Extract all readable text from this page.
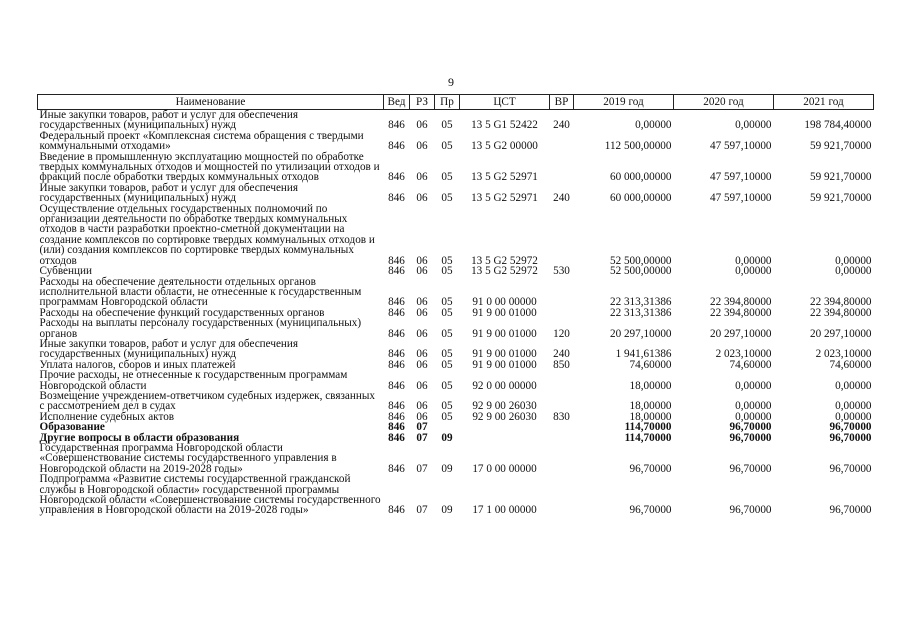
9
Наименование	Вед	РЗ	Пр	ЦСТ	ВР	2019 год	2020 год	2021 год
Иные закупки товаров, работ и услуг для обеспечения государственных (муниципальных) нужд	846	06	05	13 5 G1 52422	240	0,00000	0,00000	198 784,40000
Федеральный проект «Комплексная система обращения с твердыми коммунальными отходами»	846	06	05	13 5 G2 00000		112 500,00000	47 597,10000	59 921,70000
Введение в промышленную эксплуатацию мощностей по обработке твердых коммунальных отходов и мощностей по утилизации отходов и фракций после обработки твердых коммунальных отходов	846	06	05	13 5 G2 52971		60 000,00000	47 597,10000	59 921,70000
Иные закупки товаров, работ и услуг для обеспечения государственных (муниципальных) нужд	846	06	05	13 5 G2 52971	240	60 000,00000	47 597,10000	59 921,70000
Осуществление отдельных государственных полномочий по организации деятельности по обработке твердых коммунальных отходов в части разработки проектно-сметной документации на создание комплексов по сортировке твердых коммунальных отходов и (или) создания комплексов по сортировке твердых коммунальных отходов	846	06	05	13 5 G2 52972		52 500,00000	0,00000	0,00000
Субвенции	846	06	05	13 5 G2 52972	530	52 500,00000	0,00000	0,00000
Расходы на обеспечение деятельности отдельных органов исполнительной власти области, не отнесенные к государственным программам Новгородской области	846	06	05	91 0 00 00000		22 313,31386	22 394,80000	22 394,80000
Расходы на обеспечение функций государственных органов	846	06	05	91 9 00 01000		22 313,31386	22 394,80000	22 394,80000
Расходы на выплаты персоналу государственных (муниципальных) органов	846	06	05	91 9 00 01000	120	20 297,10000	20 297,10000	20 297,10000
Иные закупки товаров, работ и услуг для обеспечения государственных (муниципальных) нужд	846	06	05	91 9 00 01000	240	1 941,61386	2 023,10000	2 023,10000
Уплата налогов, сборов и иных платежей	846	06	05	91 9 00 01000	850	74,60000	74,60000	74,60000
Прочие расходы, не отнесенные к государственным программам Новгородской области	846	06	05	92 0 00 00000		18,00000	0,00000	0,00000
Возмещение учреждением-ответчиком судебных издержек, связанных с рассмотрением дел в судах	846	06	05	92 9 00 26030		18,00000	0,00000	0,00000
Исполнение судебных актов	846	06	05	92 9 00 26030	830	18,00000	0,00000	0,00000
Образование	846	07				114,70000	96,70000	96,70000
Другие вопросы в области образования	846	07	09			114,70000	96,70000	96,70000
Государственная программа Новгородской области «Совершенствование системы государственного управления в Новгородской области на 2019-2028 годы»	846	07	09	17 0 00 00000		96,70000	96,70000	96,70000
Подпрограмма «Развитие системы государственной гражданской службы в Новгородской области» государственной программы Новгородской области «Совершенствование системы государственного управления в Новгородской области на 2019-2028 годы»	846	07	09	17 1 00 00000		96,70000	96,70000	96,70000
